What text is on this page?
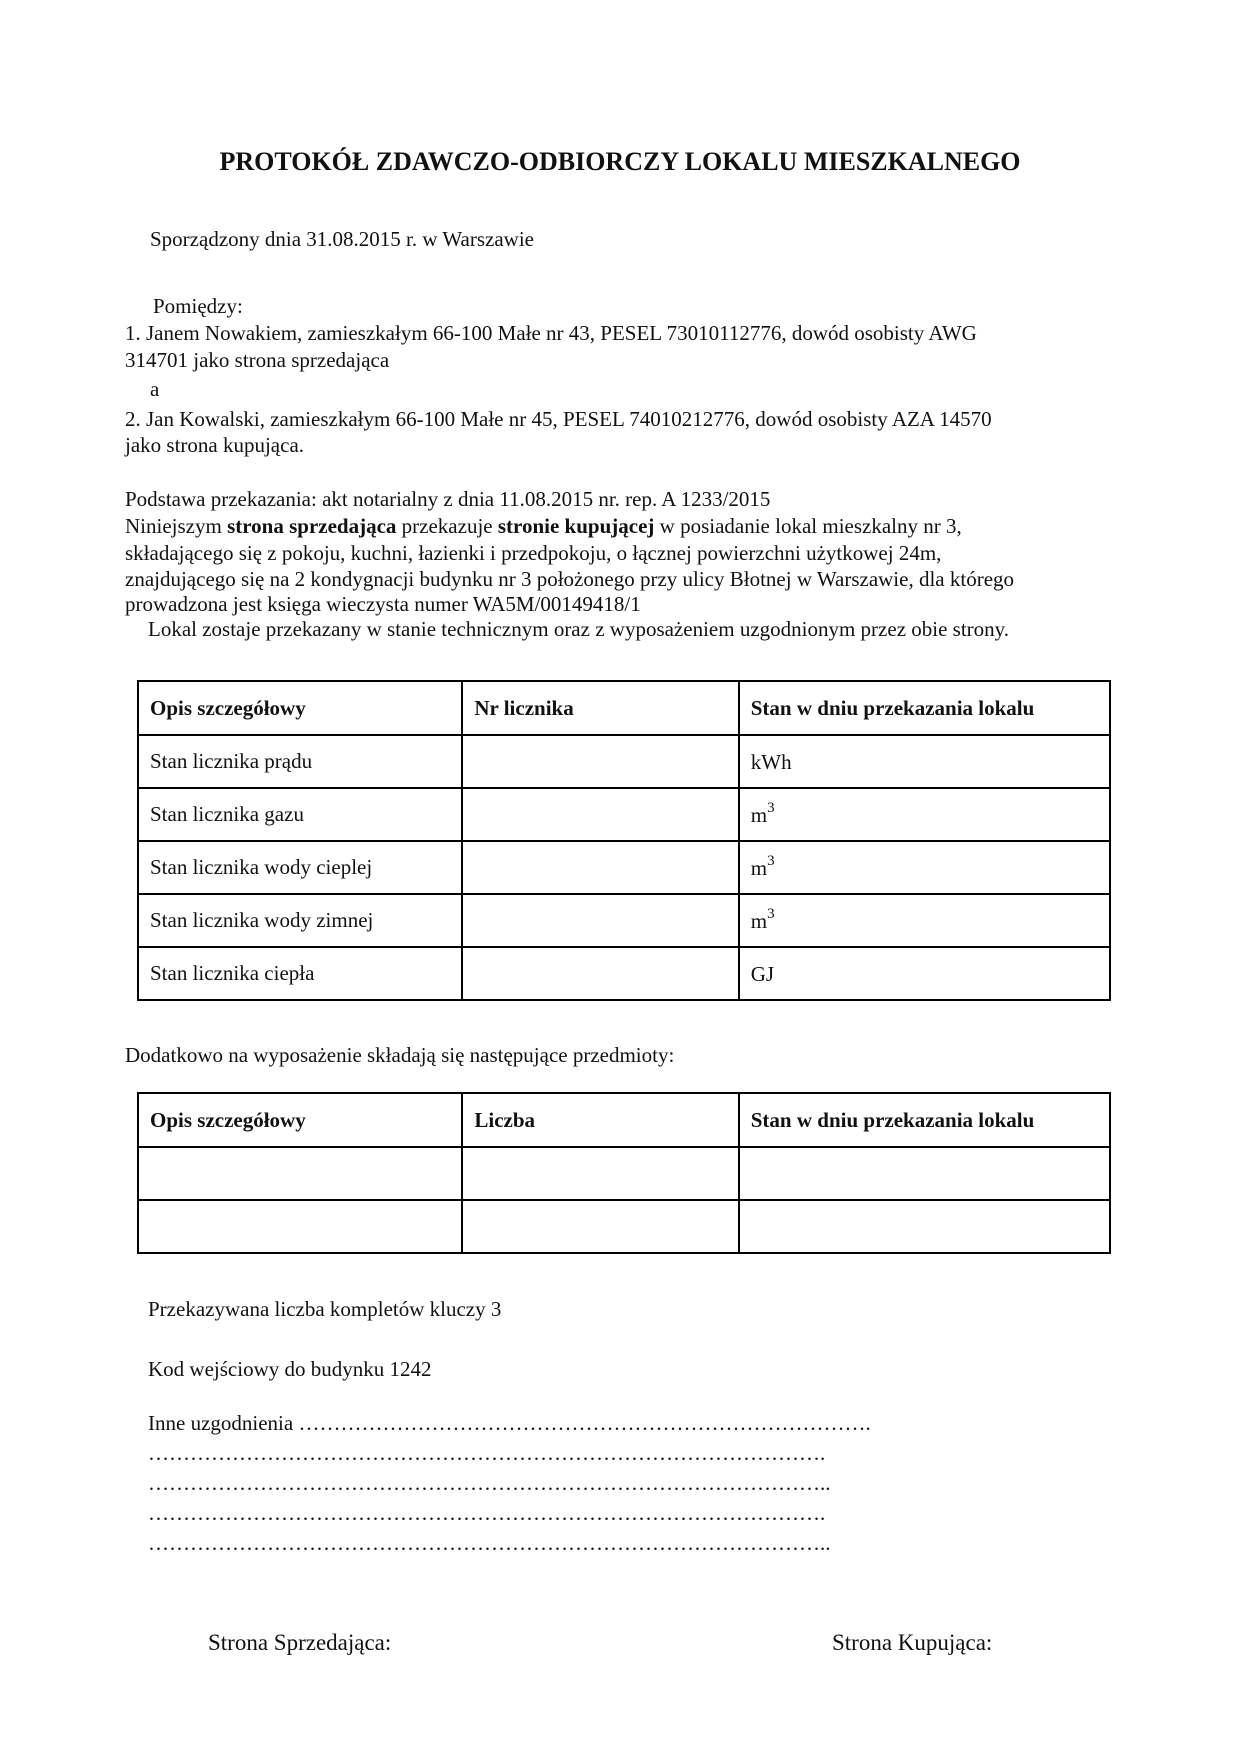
PROTOKÓŁ ZDAWCZO-ODBIORCZY LOKALU MIESZKALNEGO
Sporządzony dnia 31.08.2015 r. w Warszawie
Pomiędzy:
1. Janem Nowakiem, zamieszkałym 66-100 Małe nr 43, PESEL 73010112776, dowód osobisty AWG
314701 jako strona sprzedająca
a
2. Jan Kowalski, zamieszkałym 66-100 Małe nr 45, PESEL 74010212776, dowód osobisty AZA 14570
jako strona kupująca.
Podstawa przekazania: akt notarialny z dnia 11.08.2015 nr. rep. A 1233/2015
Niniejszym strona sprzedająca przekazuje stronie kupującej w posiadanie lokal mieszkalny nr 3,
składającego się z pokoju, kuchni, łazienki i przedpokoju, o łącznej powierzchni użytkowej 24m,
znajdującego się na 2 kondygnacji budynku nr 3 położonego przy ulicy Błotnej w Warszawie, dla którego
prowadzona jest księga wieczysta numer WA5M/00149418/1
Lokal zostaje przekazany w stanie technicznym oraz z wyposażeniem uzgodnionym przez obie strony.
Opis szczegółowy	Nr licznika	Stan w dniu przekazania lokalu
Stan licznika prądu		kWh
Stan licznika gazu		$m^3$
Stan licznika wody cieplej		$m^3$
Stan licznika wody zimnej		$m^3$
Stan licznika ciepła		GJ
Dodatkowo na wyposażenie składają się następujące przedmioty:
Opis szczegółowy	Liczba	Stan w dniu przekazania lokalu

Przekazywana liczba kompletów kluczy 3
Kod wejściowy do budynku 1242
Inne uzgodnienia ……………………………………………………………………….
…………………………………………………………………………………….
……………………………………………………………………………………..
…………………………………………………………………………………….
……………………………………………………………………………………..
Strona Sprzedająca:	Strona Kupująca:
